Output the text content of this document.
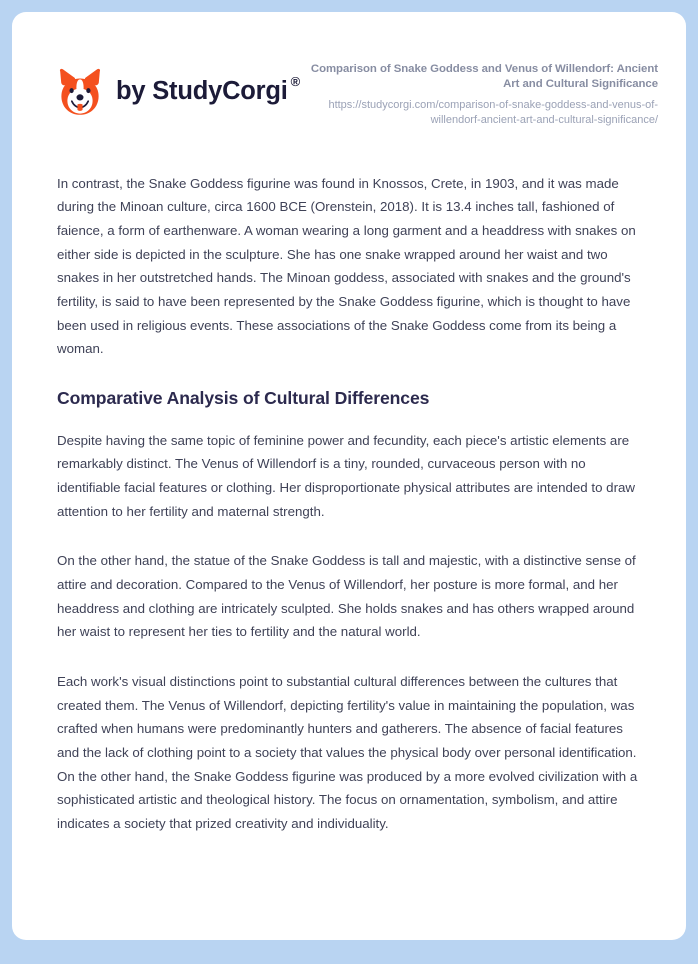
by StudyCorgi ®
Comparison of Snake Goddess and Venus of Willendorf: Ancient Art and Cultural Significance
https://studycorgi.com/comparison-of-snake-goddess-and-venus-of-willendorf-ancient-art-and-cultural-significance/

In contrast, the Snake Goddess figurine was found in Knossos, Crete, in 1903, and it was made during the Minoan culture, circa 1600 BCE (Orenstein, 2018). It is 13.4 inches tall, fashioned of faience, a form of earthenware. A woman wearing a long garment and a headdress with snakes on either side is depicted in the sculpture. She has one snake wrapped around her waist and two snakes in her outstretched hands. The Minoan goddess, associated with snakes and the ground's fertility, is said to have been represented by the Snake Goddess figurine, which is thought to have been used in religious events. These associations of the Snake Goddess come from its being a woman.

Comparative Analysis of Cultural Differences

Despite having the same topic of feminine power and fecundity, each piece's artistic elements are remarkably distinct. The Venus of Willendorf is a tiny, rounded, curvaceous person with no identifiable facial features or clothing. Her disproportionate physical attributes are intended to draw attention to her fertility and maternal strength.

On the other hand, the statue of the Snake Goddess is tall and majestic, with a distinctive sense of attire and decoration. Compared to the Venus of Willendorf, her posture is more formal, and her headdress and clothing are intricately sculpted. She holds snakes and has others wrapped around her waist to represent her ties to fertility and the natural world.

Each work's visual distinctions point to substantial cultural differences between the cultures that created them. The Venus of Willendorf, depicting fertility's value in maintaining the population, was crafted when humans were predominantly hunters and gatherers. The absence of facial features and the lack of clothing point to a society that values the physical body over personal identification. On the other hand, the Snake Goddess figurine was produced by a more evolved civilization with a sophisticated artistic and theological history. The focus on ornamentation, symbolism, and attire indicates a society that prized creativity and individuality.
